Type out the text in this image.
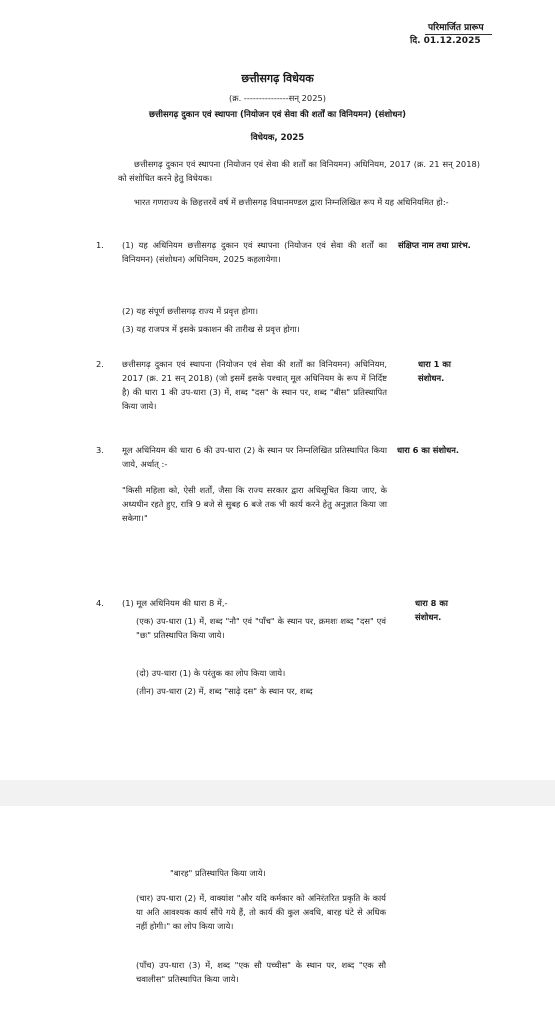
परिमार्जित प्रारूप
दि. 01.12.2025
छत्तीसगढ़ विधेयक
(क्र. ---------------सन् 2025)
छत्तीसगढ़ दुकान एवं स्थापना (नियोजन एवं सेवा की शर्तों का विनियमन) (संशोधन)
विधेयक, 2025
छत्तीसगढ़ दुकान एवं स्थापना (नियोजन एवं सेवा की शर्तों का विनियमन) अधिनियम, 2017 (क्र. 21 सन् 2018) को संशोधित करने हेतु विधेयक।
भारत गणराज्य के छिहत्तरवें वर्ष में छत्तीसगढ़ विधानमण्डल द्वारा निम्नलिखित रूप में यह अधिनियमित हो:-
1. (1) यह अधिनियम छत्तीसगढ़ दुकान एवं स्थापना (नियोजन एवं सेवा की शर्तों का विनियमन) (संशोधन) अधिनियम, 2025 कहलायेगा।
संक्षिप्त नाम तथा प्रारंभ.
(2) यह संपूर्ण छत्तीसगढ़ राज्य में प्रवृत्त होगा।
(3) यह राजपत्र में इसके प्रकाशन की तारीख से प्रवृत्त होगा।
2. छत्तीसगढ़ दुकान एवं स्थापना (नियोजन एवं सेवा की शर्तों का विनियमन) अधिनियम, 2017 (क्र. 21 सन् 2018) (जो इसमें इसके पश्चात् मूल अधिनियम के रूप में निर्दिष्ट है) की धारा 1 की उप-धारा (3) में, शब्द "दस" के स्थान पर, शब्द "बीस" प्रतिस्थापित किया जाये।
धारा 1 का संशोधन.
3. मूल अधिनियम की धारा 6 की उप-धारा (2) के स्थान पर निम्नलिखित प्रतिस्थापित किया जाये, अर्थात् :-
धारा 6 का संशोधन.
"किसी महिला को, ऐसी शर्तों, जैसा कि राज्य सरकार द्वारा अधिसूचित किया जाए, के अध्यधीन रहते हुए, रात्रि 9 बजे से सुबह 6 बजे तक भी कार्य करने हेतु अनुज्ञात किया जा सकेगा।"
4. (1) मूल अधिनियम की धारा 8 में,-	धारा 8 का संशोधन.
(एक) उप-धारा (1) में, शब्द "नौ" एवं "पाँच" के स्थान पर, क्रमशः शब्द "दस" एवं "छः" प्रतिस्थापित किया जाये।
(दो) उप-धारा (1) के परंतुक का लोप किया जाये।
(तीन) उप-धारा (2) में, शब्द "साढ़े दस" के स्थान पर, शब्द
"बारह" प्रतिस्थापित किया जाये।
(चार) उप-धारा (2) में, वाक्यांश "और यदि कर्मकार को अनिरंतरित प्रकृति के कार्य या अति आवश्यक कार्य सौंपे गये हैं, तो कार्य की कुल अवधि, बारह घंटे से अधिक नहीं होगी।" का लोप किया जाये।
(पाँच) उप-धारा (3) में, शब्द "एक सौ पच्चीस" के स्थान पर, शब्द "एक सौ चवालीस" प्रतिस्थापित किया जाये।
